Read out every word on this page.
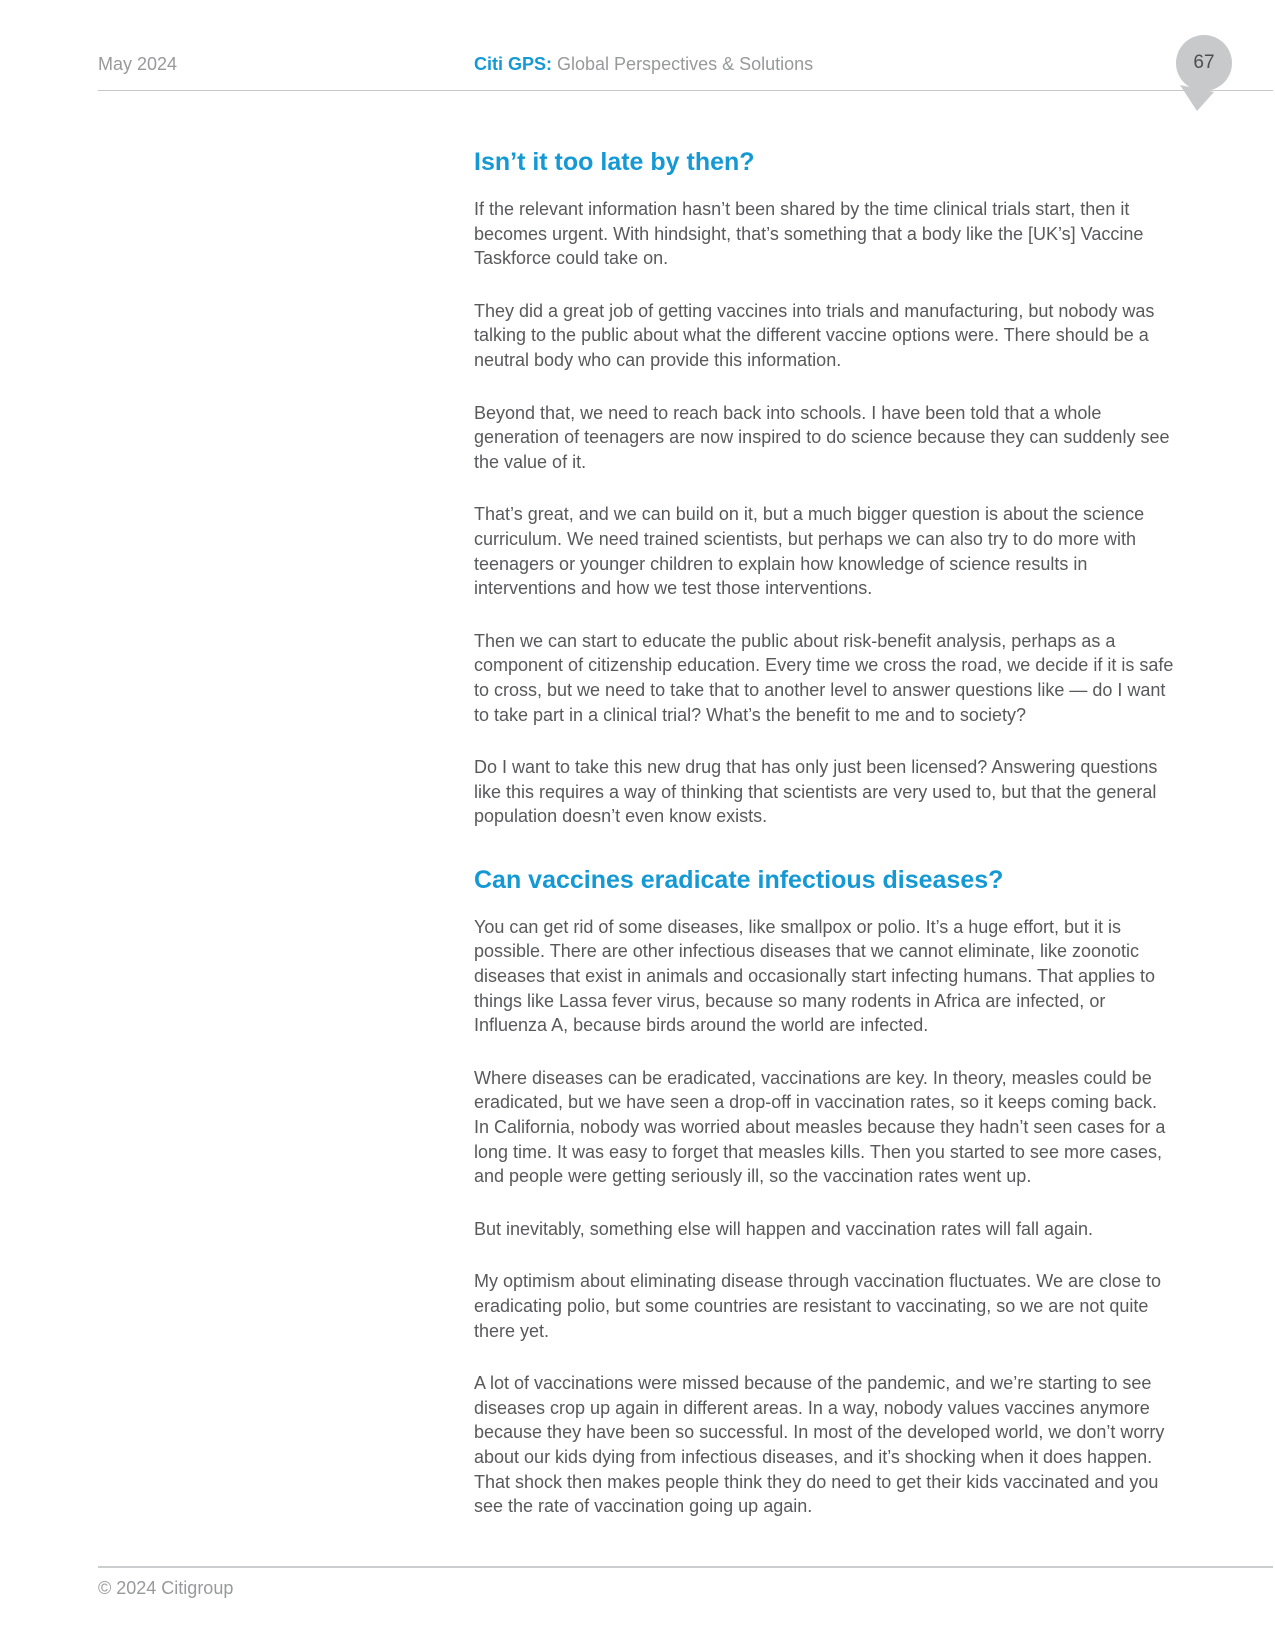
May 2024	Citi GPS: Global Perspectives & Solutions	67
Isn’t it too late by then?

If the relevant information hasn’t been shared by the time clinical trials start, then it becomes urgent. With hindsight, that’s something that a body like the [UK’s] Vaccine Taskforce could take on.

They did a great job of getting vaccines into trials and manufacturing, but nobody was talking to the public about what the different vaccine options were. There should be a neutral body who can provide this information.

Beyond that, we need to reach back into schools. I have been told that a whole generation of teenagers are now inspired to do science because they can suddenly see the value of it.

That’s great, and we can build on it, but a much bigger question is about the science curriculum. We need trained scientists, but perhaps we can also try to do more with teenagers or younger children to explain how knowledge of science results in interventions and how we test those interventions.

Then we can start to educate the public about risk-benefit analysis, perhaps as a component of citizenship education. Every time we cross the road, we decide if it is safe to cross, but we need to take that to another level to answer questions like — do I want to take part in a clinical trial? What’s the benefit to me and to society?

Do I want to take this new drug that has only just been licensed? Answering questions like this requires a way of thinking that scientists are very used to, but that the general population doesn’t even know exists.

Can vaccines eradicate infectious diseases?

You can get rid of some diseases, like smallpox or polio. It’s a huge effort, but it is possible. There are other infectious diseases that we cannot eliminate, like zoonotic diseases that exist in animals and occasionally start infecting humans. That applies to things like Lassa fever virus, because so many rodents in Africa are infected, or Influenza A, because birds around the world are infected.

Where diseases can be eradicated, vaccinations are key. In theory, measles could be eradicated, but we have seen a drop-off in vaccination rates, so it keeps coming back. In California, nobody was worried about measles because they hadn’t seen cases for a long time. It was easy to forget that measles kills. Then you started to see more cases, and people were getting seriously ill, so the vaccination rates went up.

But inevitably, something else will happen and vaccination rates will fall again.

My optimism about eliminating disease through vaccination fluctuates. We are close to eradicating polio, but some countries are resistant to vaccinating, so we are not quite there yet.

A lot of vaccinations were missed because of the pandemic, and we’re starting to see diseases crop up again in different areas. In a way, nobody values vaccines anymore because they have been so successful. In most of the developed world, we don’t worry about our kids dying from infectious diseases, and it’s shocking when it does happen. That shock then makes people think they do need to get their kids vaccinated and you see the rate of vaccination going up again.

© 2024 Citigroup
